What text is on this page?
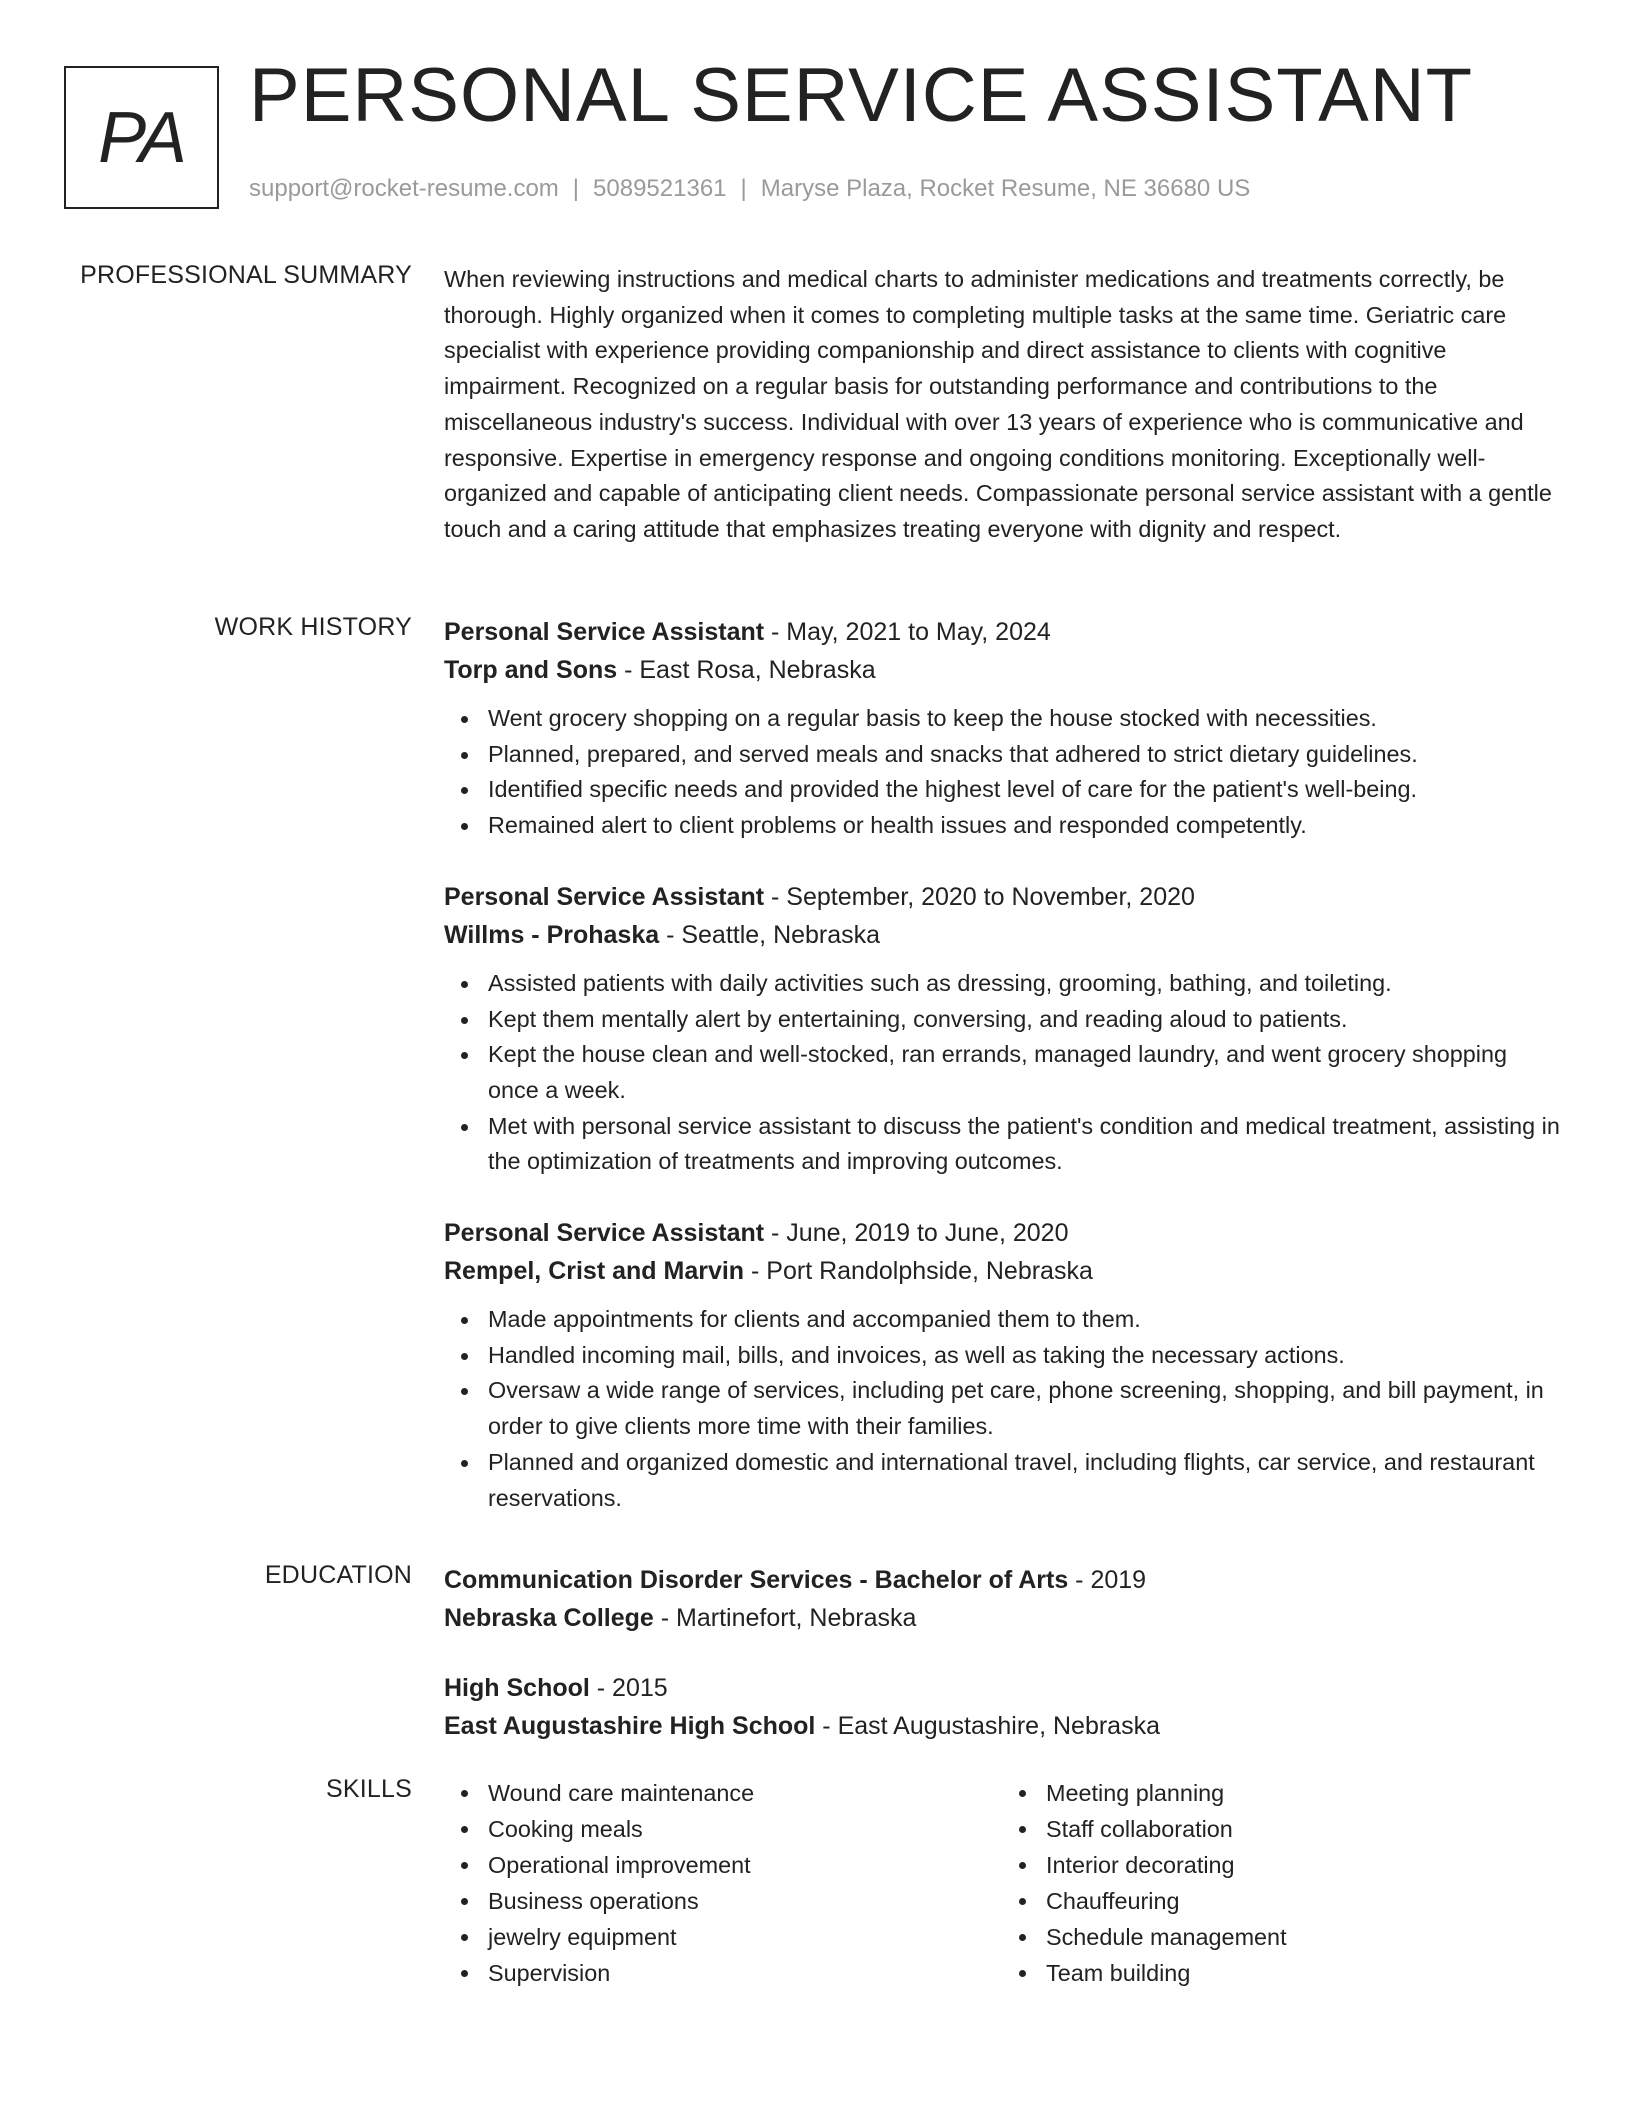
PA PERSONAL SERVICE ASSISTANT
support@rocket-resume.com | 5089521361 | Maryse Plaza, Rocket Resume, NE 36680 US
PROFESSIONAL SUMMARY When reviewing instructions and medical charts to administer medications and treatments correctly, be thorough. Highly organized when it comes to completing multiple tasks at the same time. Geriatric care specialist with experience providing companionship and direct assistance to clients with cognitive impairment. Recognized on a regular basis for outstanding performance and contributions to the miscellaneous industry's success. Individual with over 13 years of experience who is communicative and responsive. Expertise in emergency response and ongoing conditions monitoring. Exceptionally well-organized and capable of anticipating client needs. Compassionate personal service assistant with a gentle touch and a caring attitude that emphasizes treating everyone with dignity and respect.

WORK HISTORY Personal Service Assistant - May, 2021 to May, 2024
Torp and Sons - East Rosa, Nebraska
Went grocery shopping on a regular basis to keep the house stocked with necessities.
Planned, prepared, and served meals and snacks that adhered to strict dietary guidelines.
Identified specific needs and provided the highest level of care for the patient's well-being.
Remained alert to client problems or health issues and responded competently.
Personal Service Assistant - September, 2020 to November, 2020
Willms - Prohaska - Seattle, Nebraska
Assisted patients with daily activities such as dressing, grooming, bathing, and toileting.
Kept them mentally alert by entertaining, conversing, and reading aloud to patients.
Kept the house clean and well-stocked, ran errands, managed laundry, and went grocery shopping once a week.
Met with personal service assistant to discuss the patient's condition and medical treatment, assisting in the optimization of treatments and improving outcomes.
Personal Service Assistant - June, 2019 to June, 2020
Rempel, Crist and Marvin - Port Randolphside, Nebraska
Made appointments for clients and accompanied them to them.
Handled incoming mail, bills, and invoices, as well as taking the necessary actions.
Oversaw a wide range of services, including pet care, phone screening, shopping, and bill payment, in order to give clients more time with their families.
Planned and organized domestic and international travel, including flights, car service, and restaurant reservations.
EDUCATION Communication Disorder Services - Bachelor of Arts - 2019
Nebraska College - Martinefort, Nebraska
High School - 2015
East Augustashire High School - East Augustashire, Nebraska
SKILLS	Wound care maintenance
Cooking meals
Operational improvement
Business operations
jewelry equipment
Supervision
Meeting planning
Staff collaboration
Interior decorating
Chauffeuring
Schedule management
Team building
